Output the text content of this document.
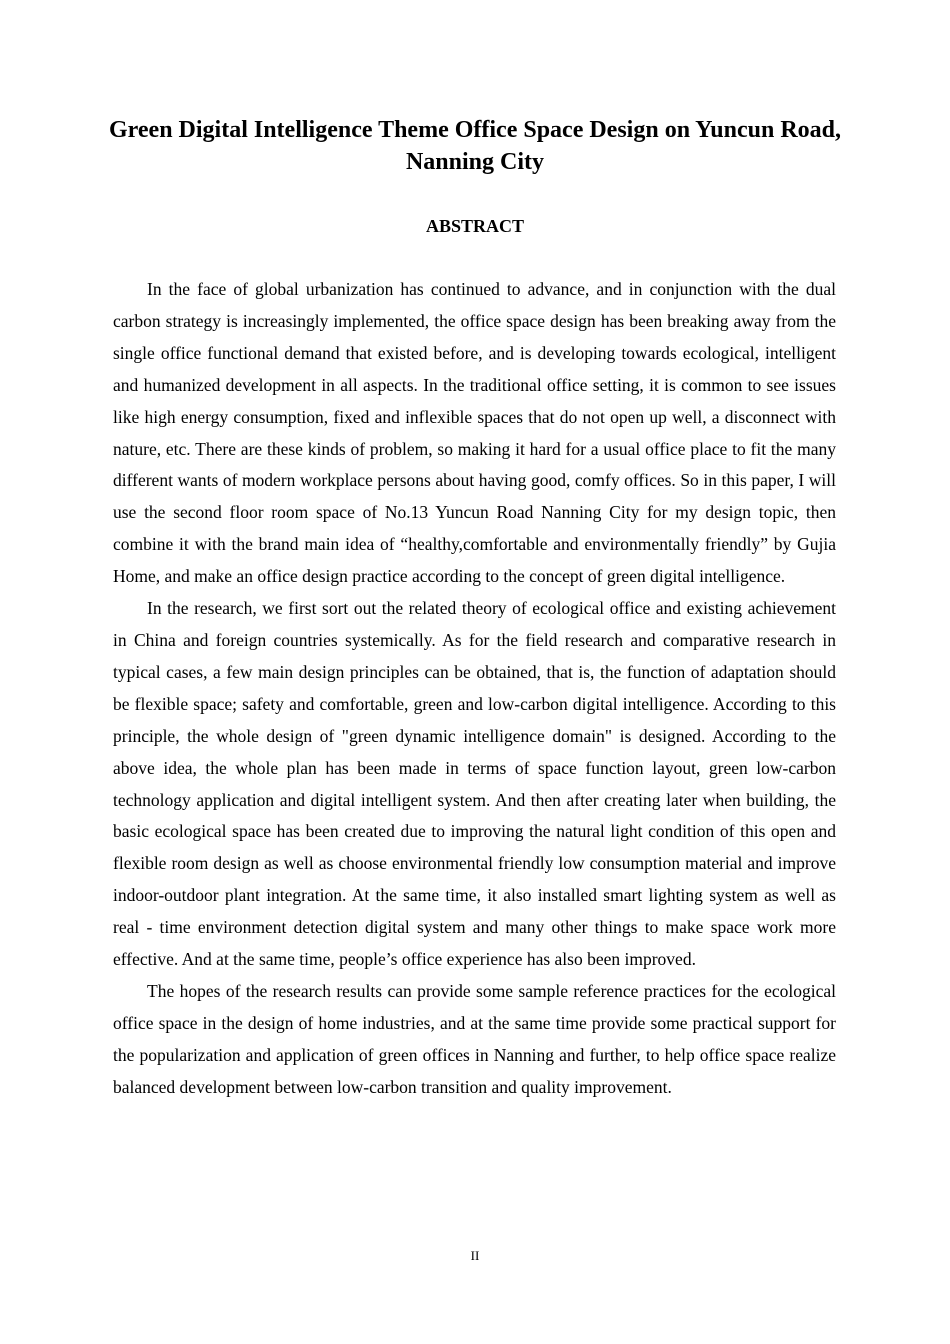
Green Digital Intelligence Theme Office Space Design on Yuncun Road, Nanning City
ABSTRACT

In the face of global urbanization has continued to advance, and in conjunction with the dual carbon strategy is increasingly implemented, the office space design has been breaking away from the single office functional demand that existed before, and is developing towards ecological, intelligent and humanized development in all aspects. In the traditional office setting, it is common to see issues like high energy consumption, fixed and inflexible spaces that do not open up well, a disconnect with nature, etc. There are these kinds of problem, so making it hard for a usual office place to fit the many different wants of modern workplace persons about having good, comfy offices. So in this paper, I will use the second floor room space of No.13 Yuncun Road Nanning City for my design topic, then combine it with the brand main idea of “healthy,comfortable and environmentally friendly” by Gujia Home, and make an office design practice according to the concept of green digital intelligence.

In the research, we first sort out the related theory of ecological office and existing achievement in China and foreign countries systemically. As for the field research and comparative research in typical cases, a few main design principles can be obtained, that is, the function of adaptation should be flexible space; safety and comfortable, green and low-carbon digital intelligence. According to this principle, the whole design of "green dynamic intelligence domain" is designed. According to the above idea, the whole plan has been made in terms of space function layout, green low-carbon technology application and digital intelligent system. And then after creating later when building, the basic ecological space has been created due to improving the natural light condition of this open and flexible room design as well as choose environmental friendly low consumption material and improve indoor-outdoor plant integration. At the same time, it also installed smart lighting system as well as real - time environment detection digital system and many other things to make space work more effective. And at the same time, people’s office experience has also been improved.

The hopes of the research results can provide some sample reference practices for the ecological office space in the design of home industries, and at the same time provide some practical support for the popularization and application of green offices in Nanning and further, to help office space realize balanced development between low-carbon transition and quality improvement.

II
